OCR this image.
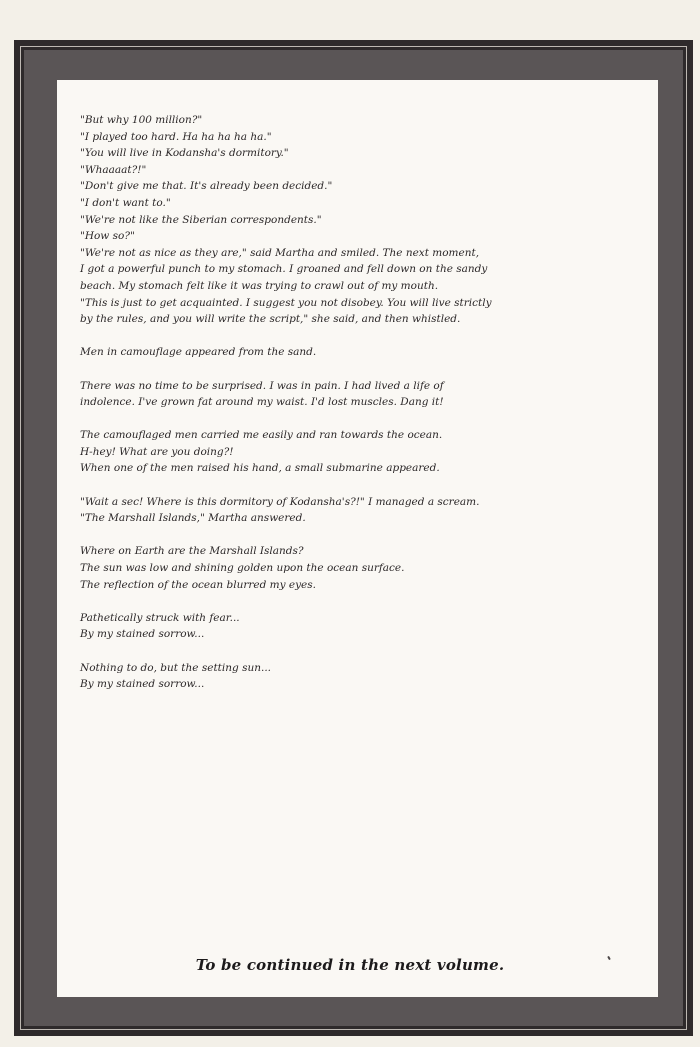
"But why 100 million?"
"I played too hard. Ha ha ha ha ha."
"You will live in Kodansha's dormitory."
"Whaaaat?!"
"Don't give me that. It's already been decided."
"I don't want to."
"We're not like the Siberian correspondents."
"How so?"
"We're not as nice as they are," said Martha and smiled. The next moment,
I got a powerful punch to my stomach. I groaned and fell down on the sandy
beach. My stomach felt like it was trying to crawl out of my mouth.
"This is just to get acquainted. I suggest you not disobey. You will live strictly
by the rules, and you will write the script," she said, and then whistled.
Men in camouflage appeared from the sand.
There was no time to be surprised. I was in pain. I had lived a life of
indolence. I've grown fat around my waist. I'd lost muscles. Dang it!
The camouflaged men carried me easily and ran towards the ocean.
H-hey! What are you doing?!
When one of the men raised his hand, a small submarine appeared.
"Wait a sec! Where is this dormitory of Kodansha's?!" I managed a scream.
"The Marshall Islands," Martha answered.
Where on Earth are the Marshall Islands?
The sun was low and shining golden upon the ocean surface.
The reflection of the ocean blurred my eyes.
Pathetically struck with fear...
By my stained sorrow...
Nothing to do, but the setting sun...
By my stained sorrow...
To be continued in the next volume.
